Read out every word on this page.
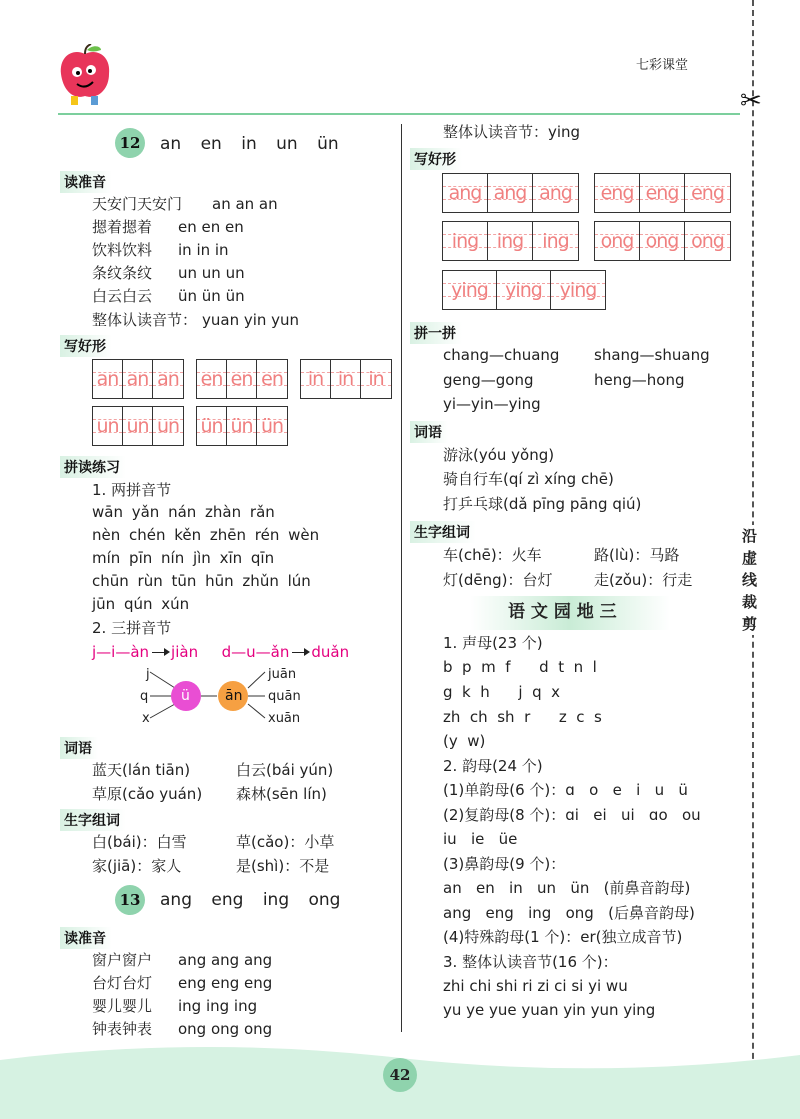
七彩课堂
✂
沿虚线裁剪
12 an en in un ün
读准音
天安门天安门 an an an
摁着摁着 en en en
饮料饮料 in in in
条纹条纹 un un un
白云白云 ün ün ün
整体认读音节： yuan yin yun
写好形
an an an en en en	in in in
un un un ün ün ün
拼读练习
1. 两拼音节
wān yǎn nán zhàn rǎn
nèn chén kěn zhēn rén wèn
mín pīn nín jìn xīn qīn
chūn rùn tūn hūn zhǔn lún
jūn qún xún
2. 三拼音节
j—i—àn jiàn d—u—ǎn duǎn
j
q
x
ü	ān
juān
quān
xuān
词语
蓝天(lán tiān)	白云(bái yún)
草原(cǎo yuán) 森林(sēn lín)
生字组词
白(bái)：白雪	草(cǎo)：小草
家(jiā)：家人	是(shì)：不是
13 ang eng ing ong
读准音
窗户窗户 ang ang ang
台灯台灯 eng eng eng
婴儿婴儿 ing ing ing
钟表钟表 ong ong ong
整体认读音节：ying
写好形
ang ang ang	eng eng eng
ing ing	ing	ong ong ong
ying ying ying
拼一拼
chang—chuang shang—shuang
geng—gong	heng—hong
yi—yin—ying
词语
游泳(yóu yǒng)
骑自行车(qí zì xíng chē)
打乒乓球(dǎ pīng pāng qiú)
生字组词
车(chē)：火车	路(lù)：马路
灯(dēng)：台灯	走(zǒu)：行走
语 文 园 地 三
1. 声母(23 个)
b  p  m  f      d  t  n  l
g  k  h      j  q  x
zh  ch  sh  r      z  c  s
(y  w)
2. 韵母(24 个)
(1)单韵母(6 个)：ɑ   o   e   i   u   ü
(2)复韵母(8 个)：ɑi   ei   ui   ɑo   ou
iu   ie   üe
(3)鼻韵母(9 个)：
an   en   in   un   ün   (前鼻音韵母)
ang   eng   ing   ong   (后鼻音韵母)
(4)特殊韵母(1 个)：er(独立成音节)
3. 整体认读音节(16 个)：
zhi chi shi ri zi ci si yi wu
yu ye yue yuan yin yun ying
42
